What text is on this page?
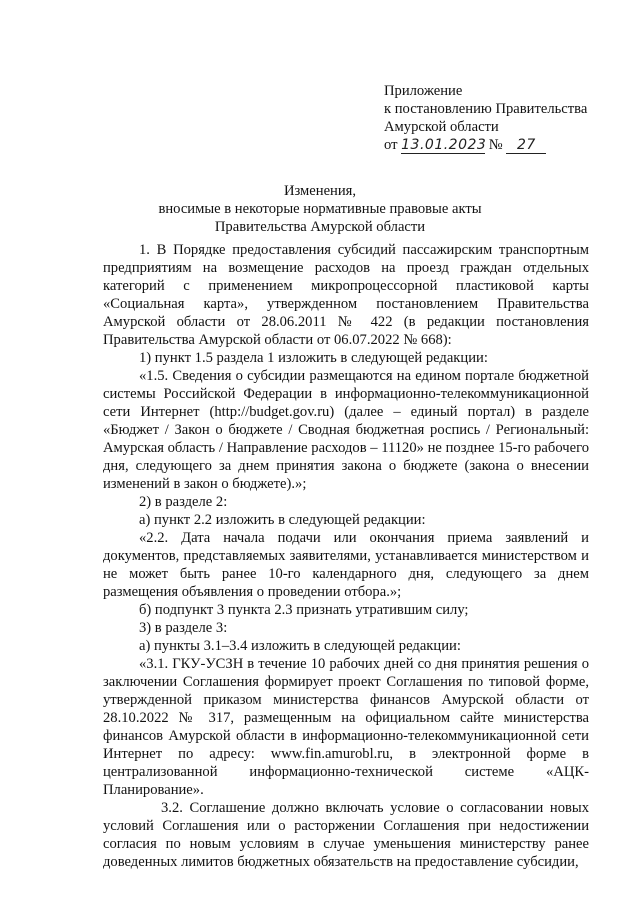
Приложение
к постановлению Правительства
Амурской области
от 13.01.2023 № 27
Изменения,
вносимые в некоторые нормативные правовые акты
Правительства Амурской области

1. В Порядке предоставления субсидий пассажирским транспортным предприятиям на возмещение расходов на проезд граждан отдельных категорий с применением микропроцессорной пластиковой карты «Социальная карта», утвержденном постановлением Правительства Амурской области от 28.06.2011 № 422 (в редакции постановления Правительства Амурской области от 06.07.2022 № 668):

1) пункт 1.5 раздела 1 изложить в следующей редакции:

«1.5. Сведения о субсидии размещаются на едином портале бюджетной системы Российской Федерации в информационно-телекоммуникационной сети Интернет (http://budget.gov.ru) (далее – единый портал) в разделе «Бюджет / Закон о бюджете / Сводная бюджетная роспись / Региональный: Амурская область / Направление расходов – 11120» не позднее 15-го рабочего дня, следующего за днем принятия закона о бюджете (закона о внесении изменений в закон о бюджете).»;

2) в разделе 2:

а) пункт 2.2 изложить в следующей редакции:

«2.2. Дата начала подачи или окончания приема заявлений и документов, представляемых заявителями, устанавливается министерством и не может быть ранее 10-го календарного дня, следующего за днем размещения объявления о проведении отбора.»;

б) подпункт 3 пункта 2.3 признать утратившим силу;

3) в разделе 3:

а) пункты 3.1–3.4 изложить в следующей редакции:

«3.1. ГКУ-УСЗН в течение 10 рабочих дней со дня принятия решения о заключении Соглашения формирует проект Соглашения по типовой форме, утвержденной приказом министерства финансов Амурской области от 28.10.2022 № 317, размещенным на официальном сайте министерства финансов Амурской области в информационно-телекоммуникационной сети Интернет по адресу: www.fin.amurobl.ru, в электронной форме в централизованной информационно-технической системе «АЦК-Планирование».

3.2. Соглашение должно включать условие о согласовании новых условий Соглашения или о расторжении Соглашения при недостижении согласия по новым условиям в случае уменьшения министерству ранее доведенных лимитов бюджетных обязательств на предоставление субсидии,
